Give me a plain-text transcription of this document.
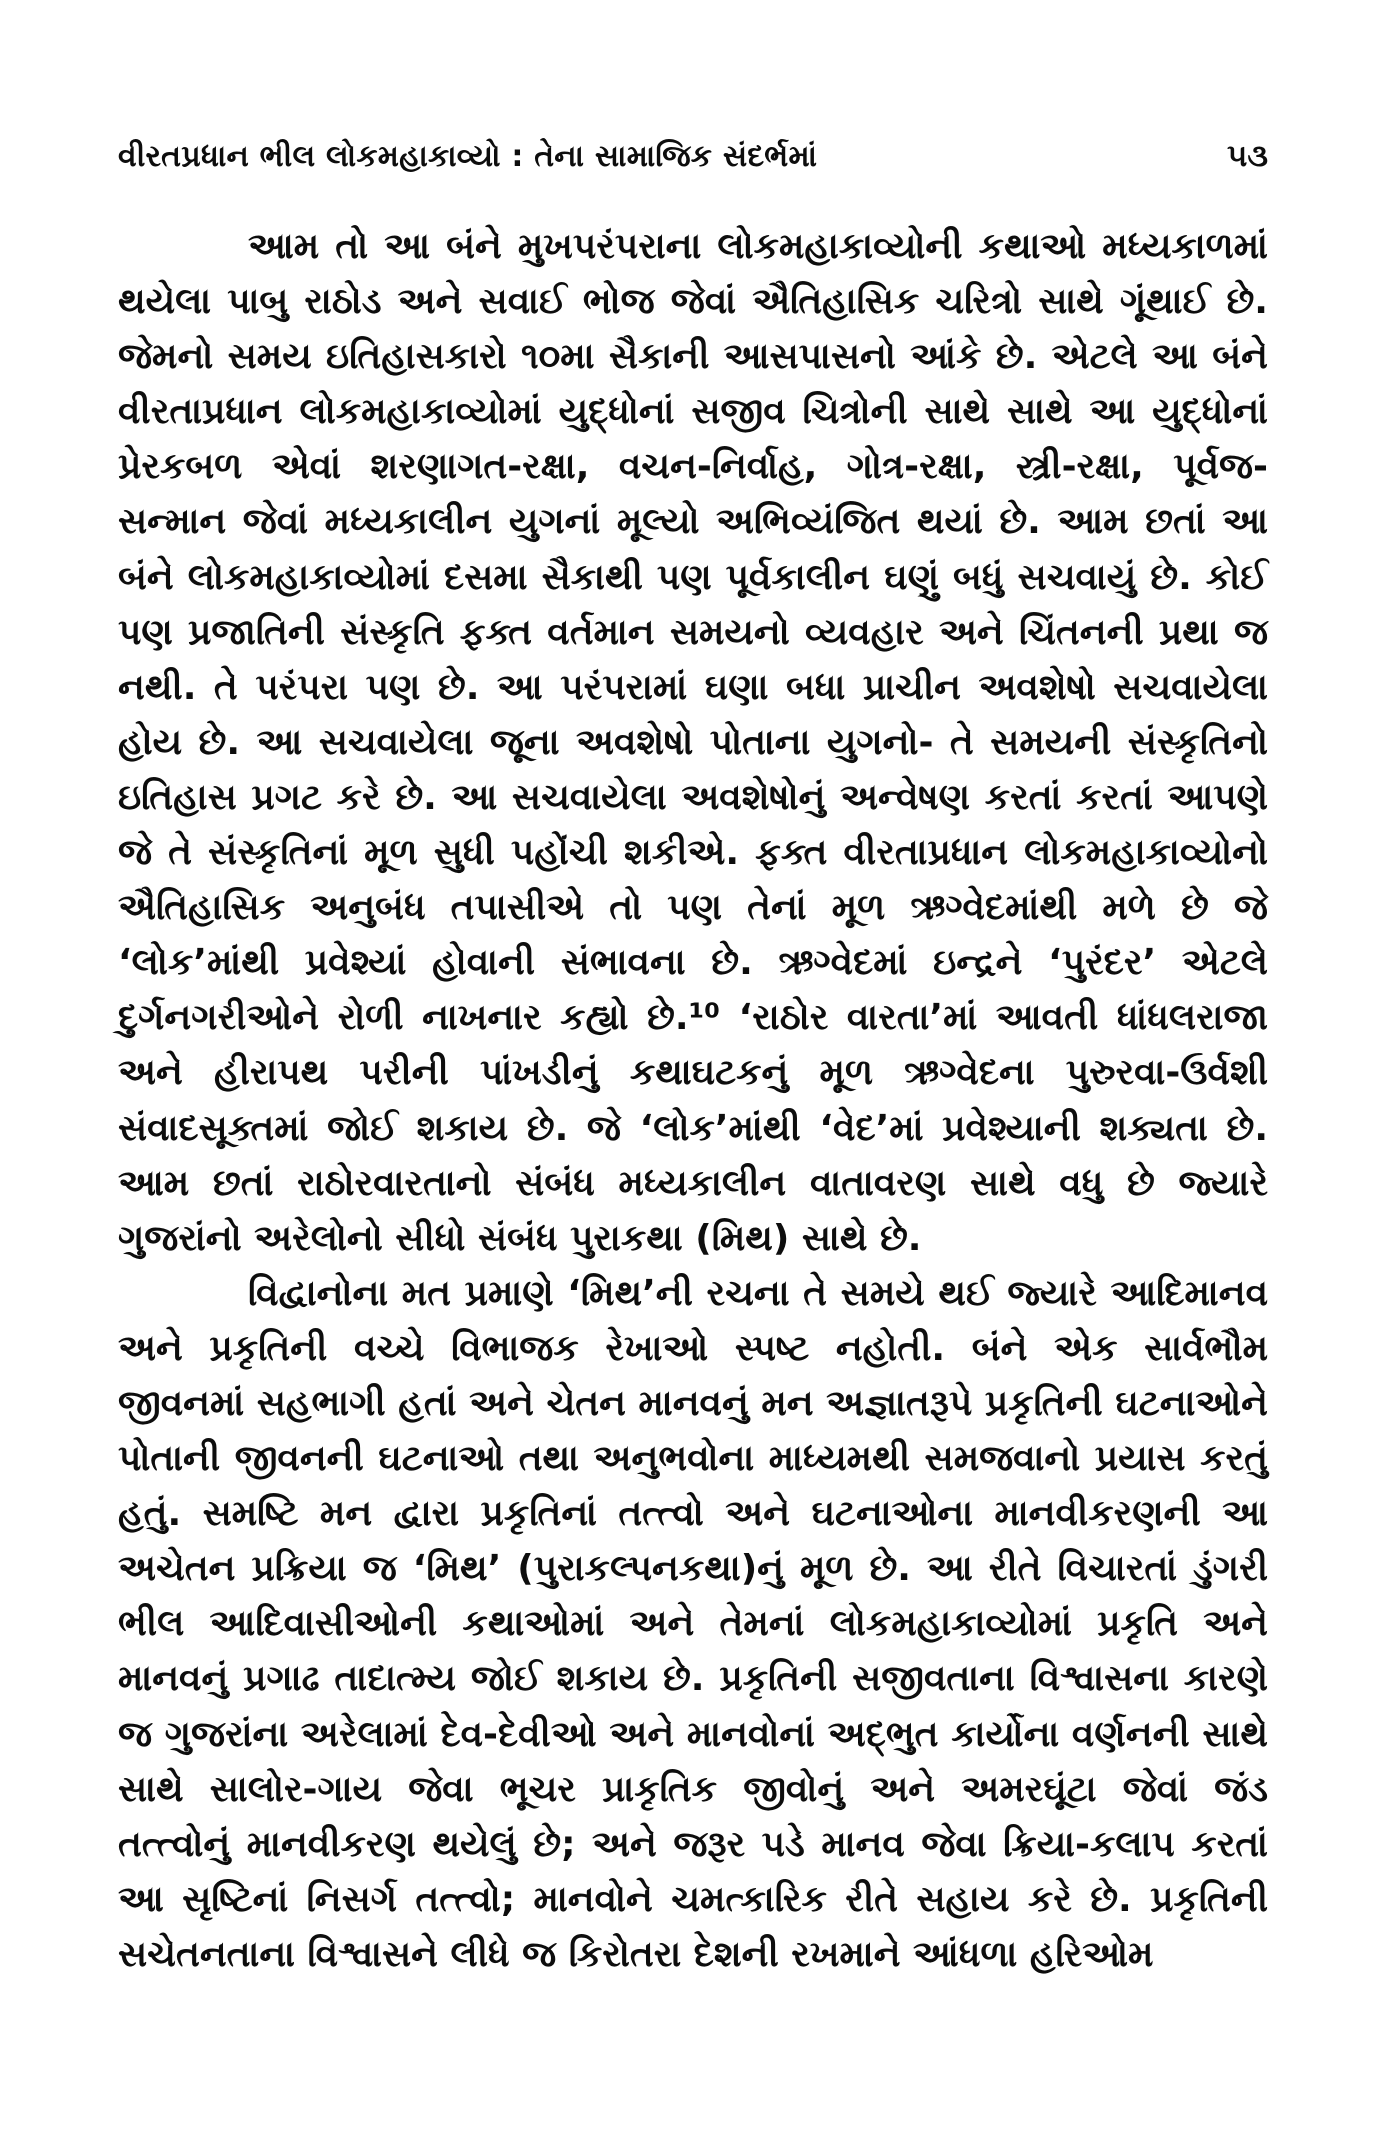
વીરતપ્રધાન ભીલ લોકમહાકાવ્યો : તેના સામાજિક સંદર્ભમાં	૫૩

આમ તો આ બંને મુખપરંપરાના લોકમહાકાવ્યોની કથાઓ મધ્યકાળમાં થયેલા પાબુ રાઠોડ અને સવાઈ ભોજ જેવાં ઐતિહાસિક ચરિત્રો સાથે ગૂંથાઈ છે. જેમનો સમય ઇતિહાસકારો ૧૦મા સૈકાની આસપાસનો આંકે છે. એટલે આ બંને વીરતાપ્રધાન લોકમહાકાવ્યોમાં યુદ્ધોનાં સજીવ ચિત્રોની સાથે સાથે આ યુદ્ધોનાં પ્રેરકબળ એવાં શરણાગત-રક્ષા, વચન-નિર્વાહ, ગોત્ર-રક્ષા, સ્ત્રી-રક્ષા, પૂર્વજ-સન્માન જેવાં મધ્યકાલીન યુગનાં મૂલ્યો અભિવ્યંજિત થયાં છે. આમ છતાં આ બંને લોકમહાકાવ્યોમાં દસમા સૈકાથી પણ પૂર્વકાલીન ઘણું બધું સચવાયું છે. કોઈ પણ પ્રજાતિની સંસ્કૃતિ ફક્ત વર્તમાન સમયનો વ્યવહાર અને ચિંતનની પ્રથા જ નથી. તે પરંપરા પણ છે. આ પરંપરામાં ઘણા બધા પ્રાચીન અવશેષો સચવાયેલા હોય છે. આ સચવાયેલા જૂના અવશેષો પોતાના યુગનો- તે સમયની સંસ્કૃતિનો ઇતિહાસ પ્રગટ કરે છે. આ સચવાયેલા અવશેષોનું અન્વેષણ કરતાં કરતાં આપણે જે તે સંસ્કૃતિનાં મૂળ સુધી પહોંચી શકીએ. ફક્ત વીરતાપ્રધાન લોકમહાકાવ્યોનો ઐતિહાસિક અનુબંધ તપાસીએ તો પણ તેનાં મૂળ ઋગ્વેદમાંથી મળે છે જે ‘લોક’માંથી પ્રવેશ્યાં હોવાની સંભાવના છે. ઋગ્વેદમાં ઇન્દ્રને ‘પુરંદર’ એટલે દુર્ગનગરીઓને રોળી નાખનાર કહ્યો છે.¹⁰ ‘રાઠોર વારતા’માં આવતી ધાંધલરાજા અને હીરાપથ પરીની પાંખડીનું કથાઘટકનું મૂળ ઋગ્વેદના પુરુરવા-ઉર્વશી સંવાદસૂક્તમાં જોઈ શકાય છે. જે ‘લોક’માંથી ‘વેદ’માં પ્રવેશ્યાની શક્યતા છે. આમ છતાં રાઠોરવારતાનો સંબંધ મધ્યકાલીન વાતાવરણ સાથે વધુ છે જ્યારે ગુજરાંનો અરેલોનો સીધો સંબંધ પુરાકથા (મિથ) સાથે છે.

વિદ્વાનોના મત પ્રમાણે ‘મિથ’ની રચના તે સમયે થઈ જ્યારે આદિમાનવ અને પ્રકૃતિની વચ્ચે વિભાજક રેખાઓ સ્પષ્ટ નહોતી. બંને એક સાર્વભૌમ જીવનમાં સહભાગી હતાં અને ચેતન માનવનું મન અજ્ઞાતરૂપે પ્રકૃતિની ઘટનાઓને પોતાની જીવનની ઘટનાઓ તથા અનુભવોના માધ્યમથી સમજવાનો પ્રયાસ કરતું હતું. સમષ્ટિ મન દ્વારા પ્રકૃતિનાં તત્ત્વો અને ઘટનાઓના માનવીકરણની આ અચેતન પ્રક્રિયા જ ‘મિથ’ (પુરાકલ્પનકથા)નું મૂળ છે. આ રીતે વિચારતાં ડુંગરી ભીલ આદિવાસીઓની કથાઓમાં અને તેમનાં લોકમહાકાવ્યોમાં પ્રકૃતિ અને માનવનું પ્રગાઢ તાદાત્મ્ય જોઈ શકાય છે. પ્રકૃતિની સજીવતાના વિશ્વાસના કારણે જ ગુજરાંના અરેલામાં દેવ-દેવીઓ અને માનવોનાં અદ્ભુત કાર્યોના વર્ણનની સાથે સાથે સાલોર-ગાય જેવા ભૂચર પ્રાકૃતિક જીવોનું અને અમરઘૂંટા જેવાં જંડ તત્ત્વોનું માનવીકરણ થયેલું છે; અને જરૂર પડે માનવ જેવા ક્રિયા-કલાપ કરતાં આ સૃષ્ટિનાં નિસર્ગ તત્ત્વો; માનવોને ચમત્કારિક રીતે સહાય કરે છે. પ્રકૃતિની સચેતનતાના વિશ્વાસને લીધે જ કિરોતરા દેશની રખમાને આંધળા હરિઓમ
